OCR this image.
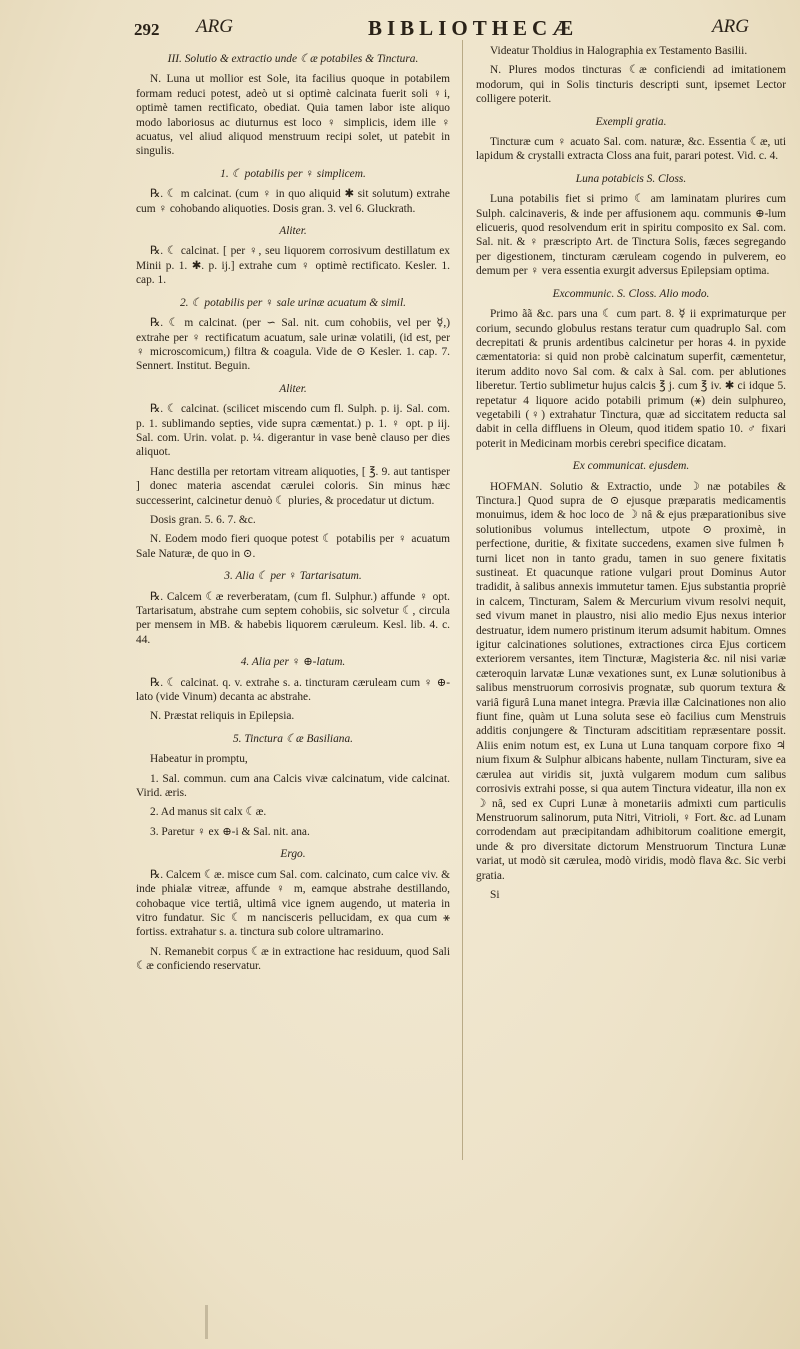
292 ARG	BIBLIOTHECÆ	ARG

III. Solutio & extractio unde ☾æ potabiles & Tinctura.

N. Luna ut mollior est Sole, ita facilius quoque in potabilem formam reduci potest, adeò ut si optimè calcinata fuerit soli ♀i, optimè tamen rectificato, obediat. Quia tamen labor iste aliquo modo laboriosus ac diuturnus est loco ♀ simplicis, idem ille ♀ acuatus, vel aliud aliquod menstruum recipi solet, ut patebit in singulis.

1. ☾ potabilis per ♀ simplicem.

℞. ☾ m calcinat. (cum ♀ in quo aliquid ✱ sit solutum) extrahe cum ♀ cohobando aliquoties. Dosis gran. 3. vel 6. Gluckrath.

Aliter.

℞. ☾ calcinat. [ per ♀, seu liquorem corrosivum destillatum ex Minii p. 1. ✱. p. ij.] extrahe cum ♀ optimè rectificato. Kesler. 1. cap. 1.

2. ☾ potabilis per ♀ sale urinæ acuatum & simil.

℞. ☾ m calcinat. (per ∽ Sal. nit. cum cohobiis, vel per ☿,) extrahe per ♀ rectificatum acuatum, sale urinæ volatili, (id est, per ♀ microscomicum,) filtra & coagula. Vide de ⊙ Kesler. 1. cap. 7. Sennert. Institut. Beguin.

Aliter.

℞. ☾ calcinat. (scilicet miscendo cum fl. Sulph. p. ij. Sal. com. p. 1. sublimando septies, vide supra cæmentat.) p. 1. ♀ opt. p iij. Sal. com. Urin. volat. p. ¼. digerantur in vase benè clauso per dies aliquot.

Hanc destilla per retortam vitream aliquoties, [ ℥. 9. aut tantisper ] donec materia ascendat cærulei coloris. Sin minus hæc successerint, calcinetur denuò ☾ pluries, & procedatur ut dictum.

Dosis gran. 5. 6. 7. &c.

N. Eodem modo fieri quoque potest ☾ potabilis per ♀ acuatum Sale Naturæ, de quo in ⊙.

3. Alia ☾ per ♀ Tartarisatum.

℞. Calcem ☾æ reverberatam, (cum fl. Sulphur.) affunde ♀ opt. Tartarisatum, abstrahe cum septem cohobiis, sic solvetur ☾, circula per mensem in MB. & habebis liquorem cæruleum. Kesl. lib. 4. c. 44.

4. Alia per ♀ ⊕-latum.

℞. ☾ calcinat. q. v. extrahe s. a. tincturam cæruleam cum ♀ ⊕-lato (vide Vinum) decanta ac abstrahe.

N. Præstat reliquis in Epilepsia.

5. Tinctura ☾æ Basiliana.

Habeatur in promptu,

1. Sal. commun. cum ana Calcis vivæ calcinatum, vide calcinat. Virid. æris.

2. Ad manus sit calx ☾æ.

3. Paretur ♀ ex ⊕-i & Sal. nit. ana.

Ergo.

℞. Calcem ☾æ. misce cum Sal. com. calcinato, cum calce viv. & inde phialæ vitreæ, affunde ♀ m, eamque abstrahe destillando, cohobaque vice tertiâ, ultimâ vice ignem augendo, ut materia in vitro fundatur. Sic ☾ m nancisceris pellucidam, ex qua cum ⚹ fortiss. extrahatur s. a. tinctura sub colore ultramarino.

N. Remanebit corpus ☾æ in extractione hac residuum, quod Sali ☾æ conficiendo reservatur.

Videatur Tholdius in Halographia ex Testamento Basilii.

N. Plures modos tincturas ☾æ conficiendi ad imitationem modorum, qui in Solis tincturis descripti sunt, ipsemet Lector colligere poterit.

Exempli gratia.

Tincturæ cum ♀ acuato Sal. com. naturæ, &c. Essentia ☾æ, uti lapidum & crystalli extracta Closs ana fuit, parari potest. Vid. c. 4.

Luna potabicis S. Closs.

Luna potabilis fiet si primo ☾ am laminatam plurires cum Sulph. calcinaveris, & inde per affusionem aqu. communis ⊕-lum elicueris, quod resolvendum erit in spiritu composito ex Sal. com. Sal. nit. & ♀ præscripto Art. de Tinctura Solis, fæces segregando per digestionem, tincturam cæruleam cogendo in pulverem, eo demum per ♀ vera essentia exurgit adversus Epilepsiam optima.

Excommunic. S. Closs. Alio modo.

Primo ãã &c. pars una ☾ cum part. 8. ☿ ii exprimaturque per corium, secundo globulus restans teratur cum quadruplo Sal. com decrepitati & prunis ardentibus calcinetur per horas 4. in pyxide cæmentatoria: si quid non probè calcinatum superfit, cæmentetur, iterum addito novo Sal com. & calx à Sal. com. per ablutiones liberetur. Tertio sublimetur hujus calcis ℥ j. cum ℥ iv. ✱ ci idque 5. repetatur 4 liquore acido potabili primum (⚹) dein sulphureo, vegetabili (♀) extrahatur Tinctura, quæ ad siccitatem reducta sal dabit in cella diffluens in Oleum, quod itidem spatio 10. ♂ fixari poterit in Medicinam morbis cerebri specifice dicatam.

Ex communicat. ejusdem.

HOFMAN. Solutio & Extractio, unde ☽ næ potabiles & Tinctura.] Quod supra de ⊙ ejusque præparatis medicamentis monuimus, idem & hoc loco de ☽ nâ & ejus præparationibus sive solutionibus volumus intellectum, utpote ⊙ proximè, in perfectione, duritie, & fixitate succedens, examen sive fulmen ♄ turni licet non in tanto gradu, tamen in suo genere fixitatis sustineat. Et quacunque ratione vulgari prout Dominus Autor tradidit, à salibus annexis immutetur tamen. Ejus substantia propriè in calcem, Tincturam, Salem & Mercurium vivum resolvi nequit, sed vivum manet in plaustro, nisi alio medio Ejus nexus interior destruatur, idem numero pristinum iterum adsumit habitum. Omnes igitur calcinationes solutiones, extractiones circa Ejus corticem exteriorem versantes, item Tincturæ, Magisteria &c. nil nisi variæ cæteroquin larvatæ Lunæ vexationes sunt, ex Lunæ solutionibus à salibus menstruorum corrosivis prognatæ, sub quorum textura & variâ figurâ Luna manet integra. Prævia illæ Calcinationes non alio fiunt fine, quàm ut Luna soluta sese eò facilius cum Menstruis additis conjungere & Tincturam adscititiam repræsentare possit. Aliis enim notum est, ex Luna ut Luna tanquam corpore fixo ♃ nium fixum & Sulphur albicans habente, nullam Tincturam, sive ea cærulea aut viridis sit, juxtà vulgarem modum cum salibus corrosivis extrahi posse, si qua autem Tinctura videatur, illa non ex ☽ nâ, sed ex Cupri Lunæ à monetariis admixti cum particulis Menstruorum salinorum, puta Nitri, Vitrioli, ♀ Fort. &c. ad Lunam corrodendam aut præcipitandam adhibitorum coalitione emergit, unde & pro diversitate dictorum Menstruorum Tinctura Lunæ variat, ut modò sit cærulea, modò viridis, modò flava &c. Sic verbi gratia.

Si
